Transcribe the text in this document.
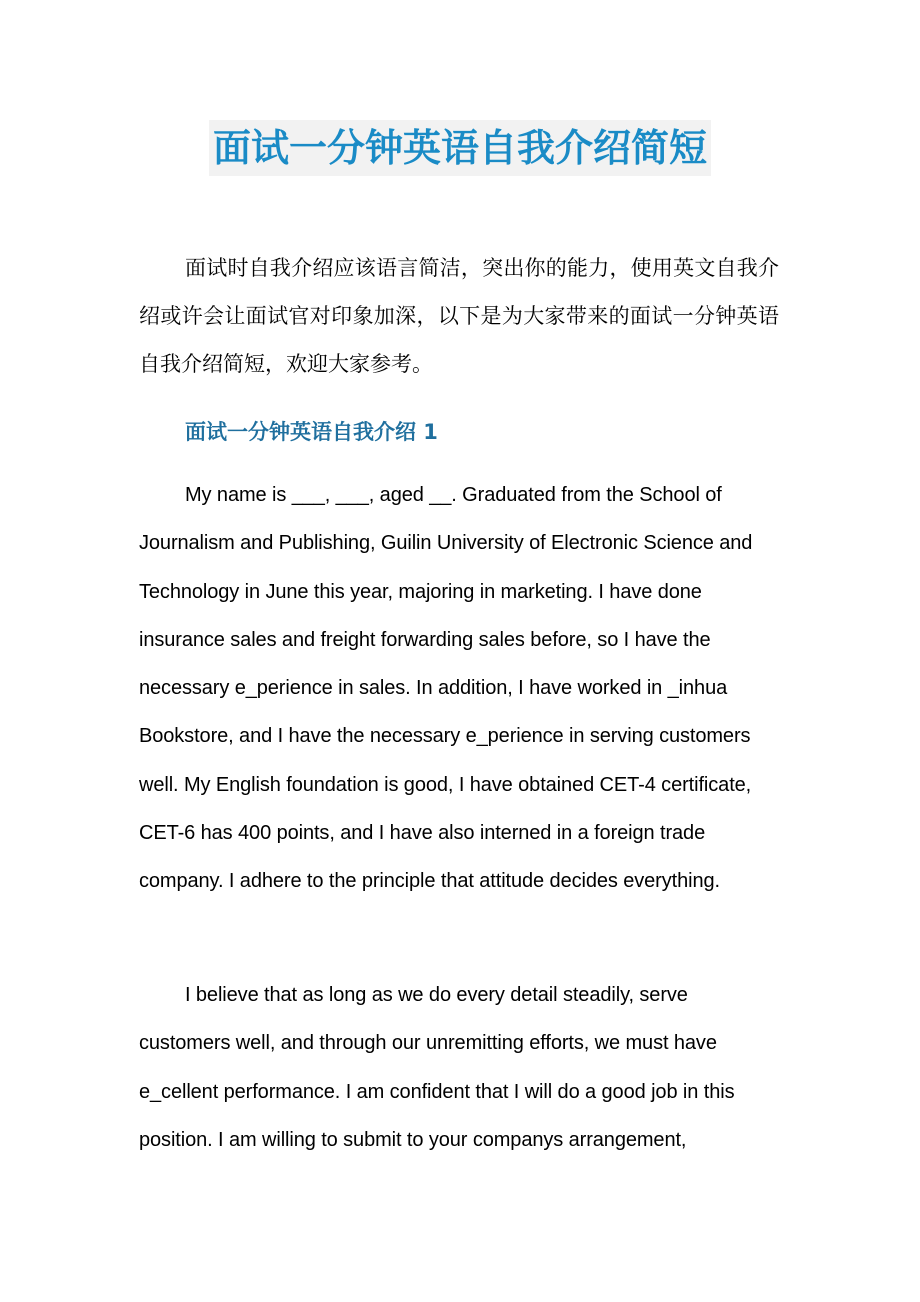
面试一分钟英语自我介绍简短

面试时自我介绍应该语言简洁，突出你的能力，使用英文自我介绍或许会让面试官对印象加深，以下是为大家带来的面试一分钟英语自我介绍简短，欢迎大家参考。

面试一分钟英语自我介绍 1

My name is ___, ___, aged __. Graduated from the School of Journalism and Publishing, Guilin University of Electronic Science and Technology in June this year, majoring in marketing. I have done insurance sales and freight forwarding sales before, so I have the necessary e_perience in sales. In addition, I have worked in _inhua Bookstore, and I have the necessary e_perience in serving customers well. My English foundation is good, I have obtained CET-4 certificate, CET-6 has 400 points, and I have also interned in a foreign trade company. I adhere to the principle that attitude decides everything.

I believe that as long as we do every detail steadily, serve customers well, and through our unremitting efforts, we must have e_cellent performance. I am confident that I will do a good job in this position. I am willing to submit to your companys arrangement,
